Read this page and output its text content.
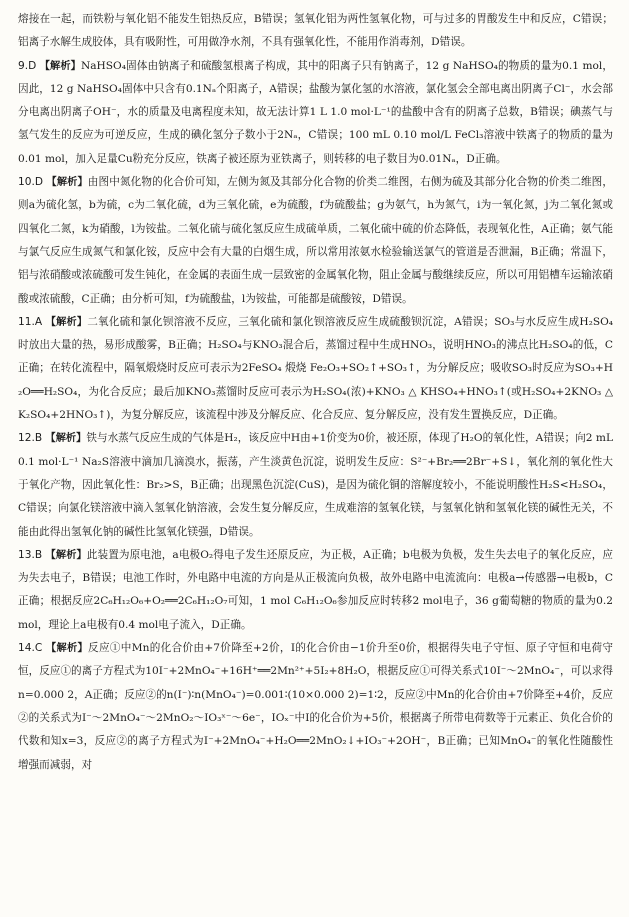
熔接在一起，而铁粉与氧化铝不能发生铝热反应，B错误；氢氧化铝为两性氢氧化物，可与过多的胃酸发生中和反应，C错误；铝离子水解生成胶体，具有吸附性，可用做净水剂，不具有强氧化性，不能用作消毒剂，D错误。

9.D 【解析】NaHSO₄固体由钠离子和硫酸氢根离子构成，其中的阳离子只有钠离子，12 g NaHSO₄的物质的量为0.1 mol，因此，12 g NaHSO₄固体中只含有0.1Nₐ个阳离子，A错误；盐酸为氯化氢的水溶液，氯化氢会全部电离出阴离子Cl⁻，水会部分电离出阴离子OH⁻，水的质量及电离程度未知，故无法计算1 L 1.0 mol·L⁻¹的盐酸中含有的阴离子总数，B错误；碘蒸气与氢气发生的反应为可逆反应，生成的碘化氢分子数小于2Nₐ，C错误；100 mL 0.10 mol/L FeCl₃溶液中铁离子的物质的量为0.01 mol，加入足量Cu粉充分反应，铁离子被还原为亚铁离子，则转移的电子数目为0.01Nₐ，D正确。

10.D 【解析】由图中氮化物的化合价可知，左侧为氮及其部分化合物的价类二维图，右侧为硫及其部分化合物的价类二维图，则a为硫化氢，b为硫，c为二氧化硫，d为三氧化硫，e为硫酸，f为硫酸盐；g为氨气，h为氮气，i为一氧化氮，j为二氧化氮或四氧化二氮，k为硝酸，l为铵盐。二氧化硫与硫化氢反应生成硫单质，二氧化硫中硫的价态降低，表现氧化性，A正确；氨气能与氯气反应生成氮气和氯化铵，反应中会有大量的白烟生成，所以常用浓氨水检验输送氯气的管道是否泄漏，B正确；常温下，铝与浓硝酸或浓硫酸可发生钝化，在金属的表面生成一层致密的金属氧化物，阻止金属与酸继续反应，所以可用铝槽车运输浓硝酸或浓硫酸，C正确；由分析可知，f为硫酸盐，l为铵盐，可能都是硫酸铵，D错误。

11.A 【解析】二氧化硫和氯化钡溶液不反应，三氧化硫和氯化钡溶液反应生成硫酸钡沉淀，A错误；SO₃与水反应生成H₂SO₄时放出大量的热，易形成酸雾，B正确；H₂SO₄与KNO₃混合后，蒸馏过程中生成HNO₃，说明HNO₃的沸点比H₂SO₄的低，C正确；在转化流程中，隔氧煅烧时反应可表示为2FeSO₄ 煅烧 Fe₂O₃+SO₂↑+SO₃↑，为分解反应；吸收SO₃时反应为SO₃+H₂O══H₂SO₄，为化合反应；最后加KNO₃蒸馏时反应可表示为H₂SO₄(浓)+KNO₃ △ KHSO₄+HNO₃↑(或H₂SO₄+2KNO₃ △ K₂SO₄+2HNO₃↑)，为复分解反应，该流程中涉及分解反应、化合反应、复分解反应，没有发生置换反应，D正确。

12.B 【解析】铁与水蒸气反应生成的气体是H₂，该反应中H由+1价变为0价，被还原，体现了H₂O的氧化性，A错误；向2 mL 0.1 mol·L⁻¹ Na₂S溶液中滴加几滴溴水，振荡，产生淡黄色沉淀，说明发生反应：S²⁻+Br₂══2Br⁻+S↓，氧化剂的氧化性大于氧化产物，因此氧化性：Br₂>S，B正确；出现黑色沉淀(CuS)，是因为硫化铜的溶解度较小，不能说明酸性H₂S<H₂SO₄，C错误；向氯化镁溶液中滴入氢氧化钠溶液，会发生复分解反应，生成难溶的氢氧化镁，与氢氧化钠和氢氧化镁的碱性无关，不能由此得出氢氧化钠的碱性比氢氧化镁强，D错误。

13.B 【解析】此装置为原电池，a电极O₂得电子发生还原反应，为正极，A正确；b电极为负极，发生失去电子的氧化反应，应为失去电子，B错误；电池工作时，外电路中电流的方向是从正极流向负极，故外电路中电流流向：电极a→传感器→电极b，C正确；根据反应2C₆H₁₂O₆+O₂══2C₆H₁₂O₇可知，1 mol C₆H₁₂O₆参加反应时转移2 mol电子，36 g葡萄糖的物质的量为0.2 mol，理论上a电极有0.4 mol电子流入，D正确。

14.C 【解析】反应①中Mn的化合价由+7价降至+2价，I的化合价由−1价升至0价，根据得失电子守恒、原子守恒和电荷守恒，反应①的离子方程式为10I⁻+2MnO₄⁻+16H⁺══2Mn²⁺+5I₂+8H₂O，根据反应①可得关系式10I⁻～2MnO₄⁻，可以求得n=0.000 2，A正确；反应②的n(I⁻)∶n(MnO₄⁻)=0.001∶(10×0.000 2)=1∶2，反应②中Mn的化合价由+7价降至+4价，反应②的关系式为I⁻～2MnO₄⁻～2MnO₂～IO₃ˣ⁻～6e⁻，IOₓ⁻中I的化合价为+5价，根据离子所带电荷数等于元素正、负化合价的代数和知x=3，反应②的离子方程式为I⁻+2MnO₄⁻+H₂O══2MnO₂↓+IO₃⁻+2OH⁻，B正确；已知MnO₄⁻的氧化性随酸性增强而减弱，对
